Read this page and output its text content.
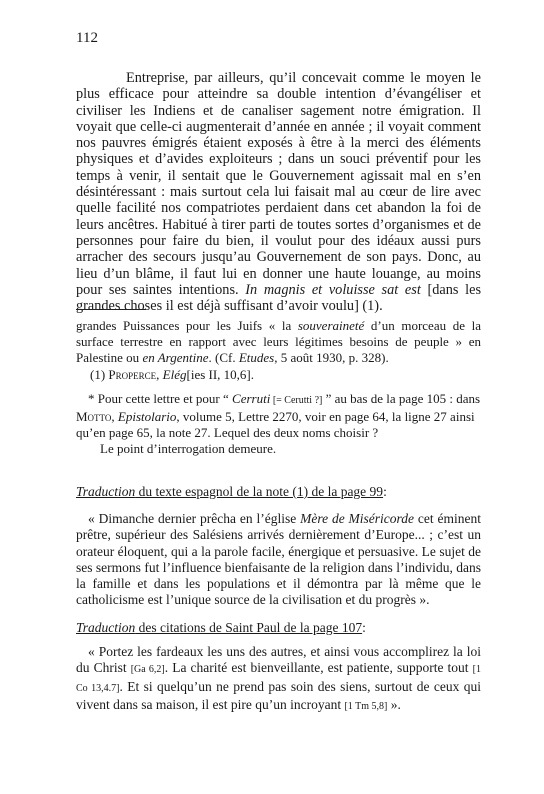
112

Entreprise, par ailleurs, qu’il concevait comme le moyen le plus efficace pour atteindre sa double intention d’évangéliser et civiliser les Indiens et de canaliser sagement notre émigration. Il voyait que celle-ci augmenterait d’année en année ; il voyait comment nos pauvres émigrés étaient exposés à être à la merci des éléments physiques et d’avides exploiteurs ; dans un souci préventif pour les temps à venir, il sentait que le Gouvernement agissait mal en s’en désintéressant : mais surtout cela lui faisait mal au cœur de lire avec quelle facilité nos compatriotes perdaient dans cet abandon la foi de leurs ancêtres. Habitué à tirer parti de toutes sortes d’organismes et de personnes pour faire du bien, il voulut pour des idéaux aussi purs arracher des secours jusqu’au Gouvernement de son pays. Donc, au lieu d’un blâme, il faut lui en donner une haute louange, au moins pour ses saintes intentions. In magnis et voluisse sat est [dans les grandes choses il est déjà suffisant d’avoir voulu] (1).

grandes Puissances pour les Juifs « la souveraineté d’un morceau de la surface terrestre en rapport avec leurs légitimes besoins de peuple » en Palestine ou en Argentine. (Cf. Etudes, 5 août 1930, p. 328).

(1) Properce, Elég[ies II, 10,6].

* Pour cette lettre et pour “ Cerruti [= Cerutti ?] ” au bas de la page 105 : dans Motto, Epistolario, volume 5, Lettre 2270, voir en page 64, la ligne 27 ainsi qu’en page 65, la note 27. Lequel des deux noms choisir ?

Le point d’interrogation demeure.

Traduction du texte espagnol de la note (1) de la page 99:

« Dimanche dernier prêcha en l’église Mère de Miséricorde cet éminent prêtre, supérieur des Salésiens arrivés dernièrement d’Europe... ; c’est un orateur éloquent, qui a la parole facile, énergique et persuasive. Le sujet de ses sermons fut l’influence bienfaisante de la religion dans l’individu, dans la famille et dans les populations et il démontra par là même que le catholicisme est l’unique source de la civilisation et du progrès ».

Traduction des citations de Saint Paul de la page 107:

« Portez les fardeaux les uns des autres, et ainsi vous accomplirez la loi du Christ [Ga 6,2]. La charité est bienveillante, est patiente, supporte tout [1 Co 13,4.7]. Et si quelqu’un ne prend pas soin des siens, surtout de ceux qui vivent dans sa maison, il est pire qu’un incroyant [1 Tm 5,8] ».
